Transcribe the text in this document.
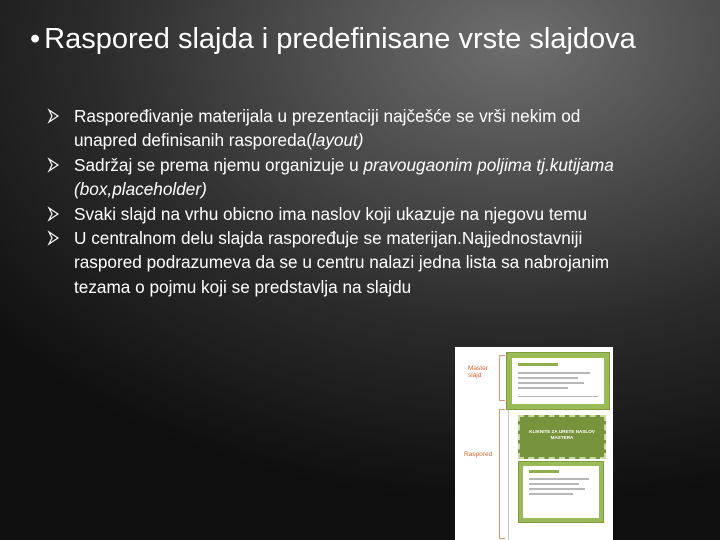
• Raspored slajda i predefinisane vrste slajdova
Raspoređivanje materijala u prezentaciji najčešće se vrši nekim od unapred definisanih rasporeda(layout)
Sadržaj se prema njemu organizuje u pravougaonim poljima tj.kutijama (box,placeholder)
Svaki slajd na vrhu obicno ima naslov koji ukazuje na njegovu temu
U centralnom delu slajda raspoređuje se materijan.Najjednostavniji raspored podrazumeva da se u centru nalazi jedna lista sa nabrojanim tezama o pojmu koji se predstavlja na slajdu
Master slajd
Raspored
KLIKNITE ZA URETE NASLOV MASTERA
